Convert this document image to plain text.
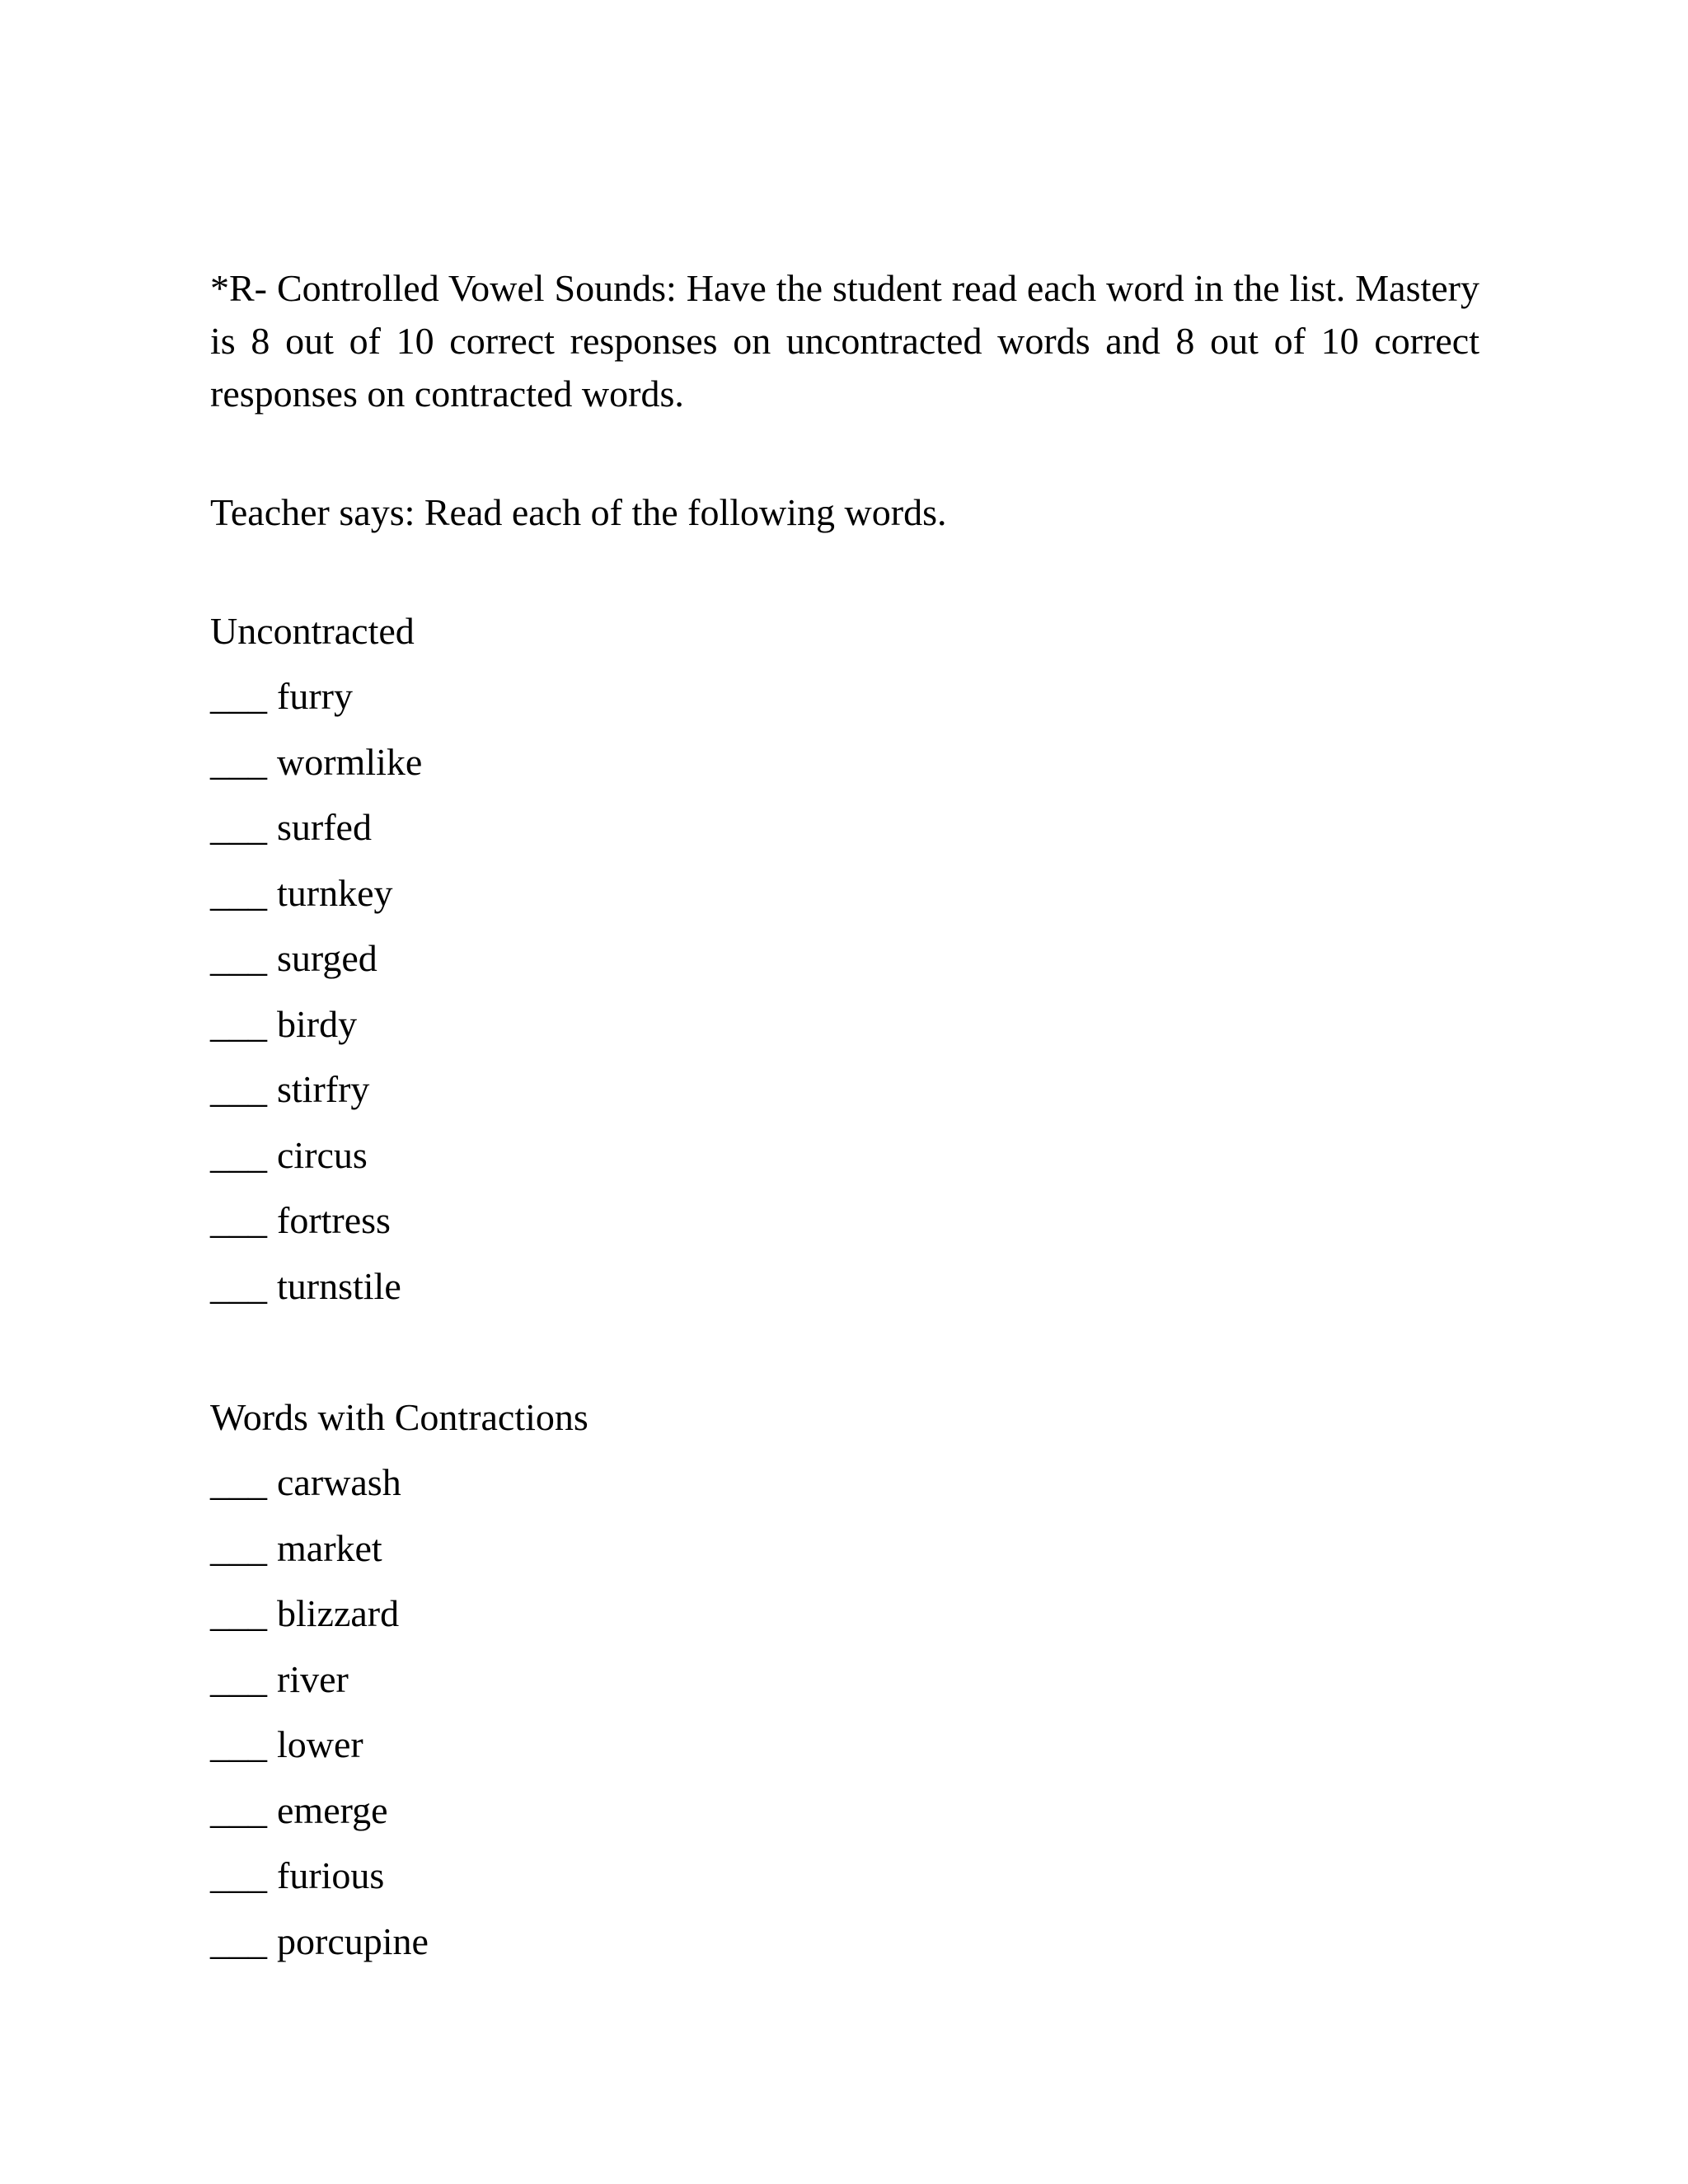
*R- Controlled Vowel Sounds: Have the student read each word in the list. Mastery is 8 out of 10 correct responses on uncontracted words and 8 out of 10 correct responses on contracted words.

Teacher says: Read each of the following words.

Uncontracted
___ furry
___ wormlike
___ surfed
___ turnkey
___ surged
___ birdy
___ stirfry
___ circus
___ fortress
___ turnstile
Words with Contractions
___ carwash
___ market
___ blizzard
___ river
___ lower
___ emerge
___ furious
___ porcupine
